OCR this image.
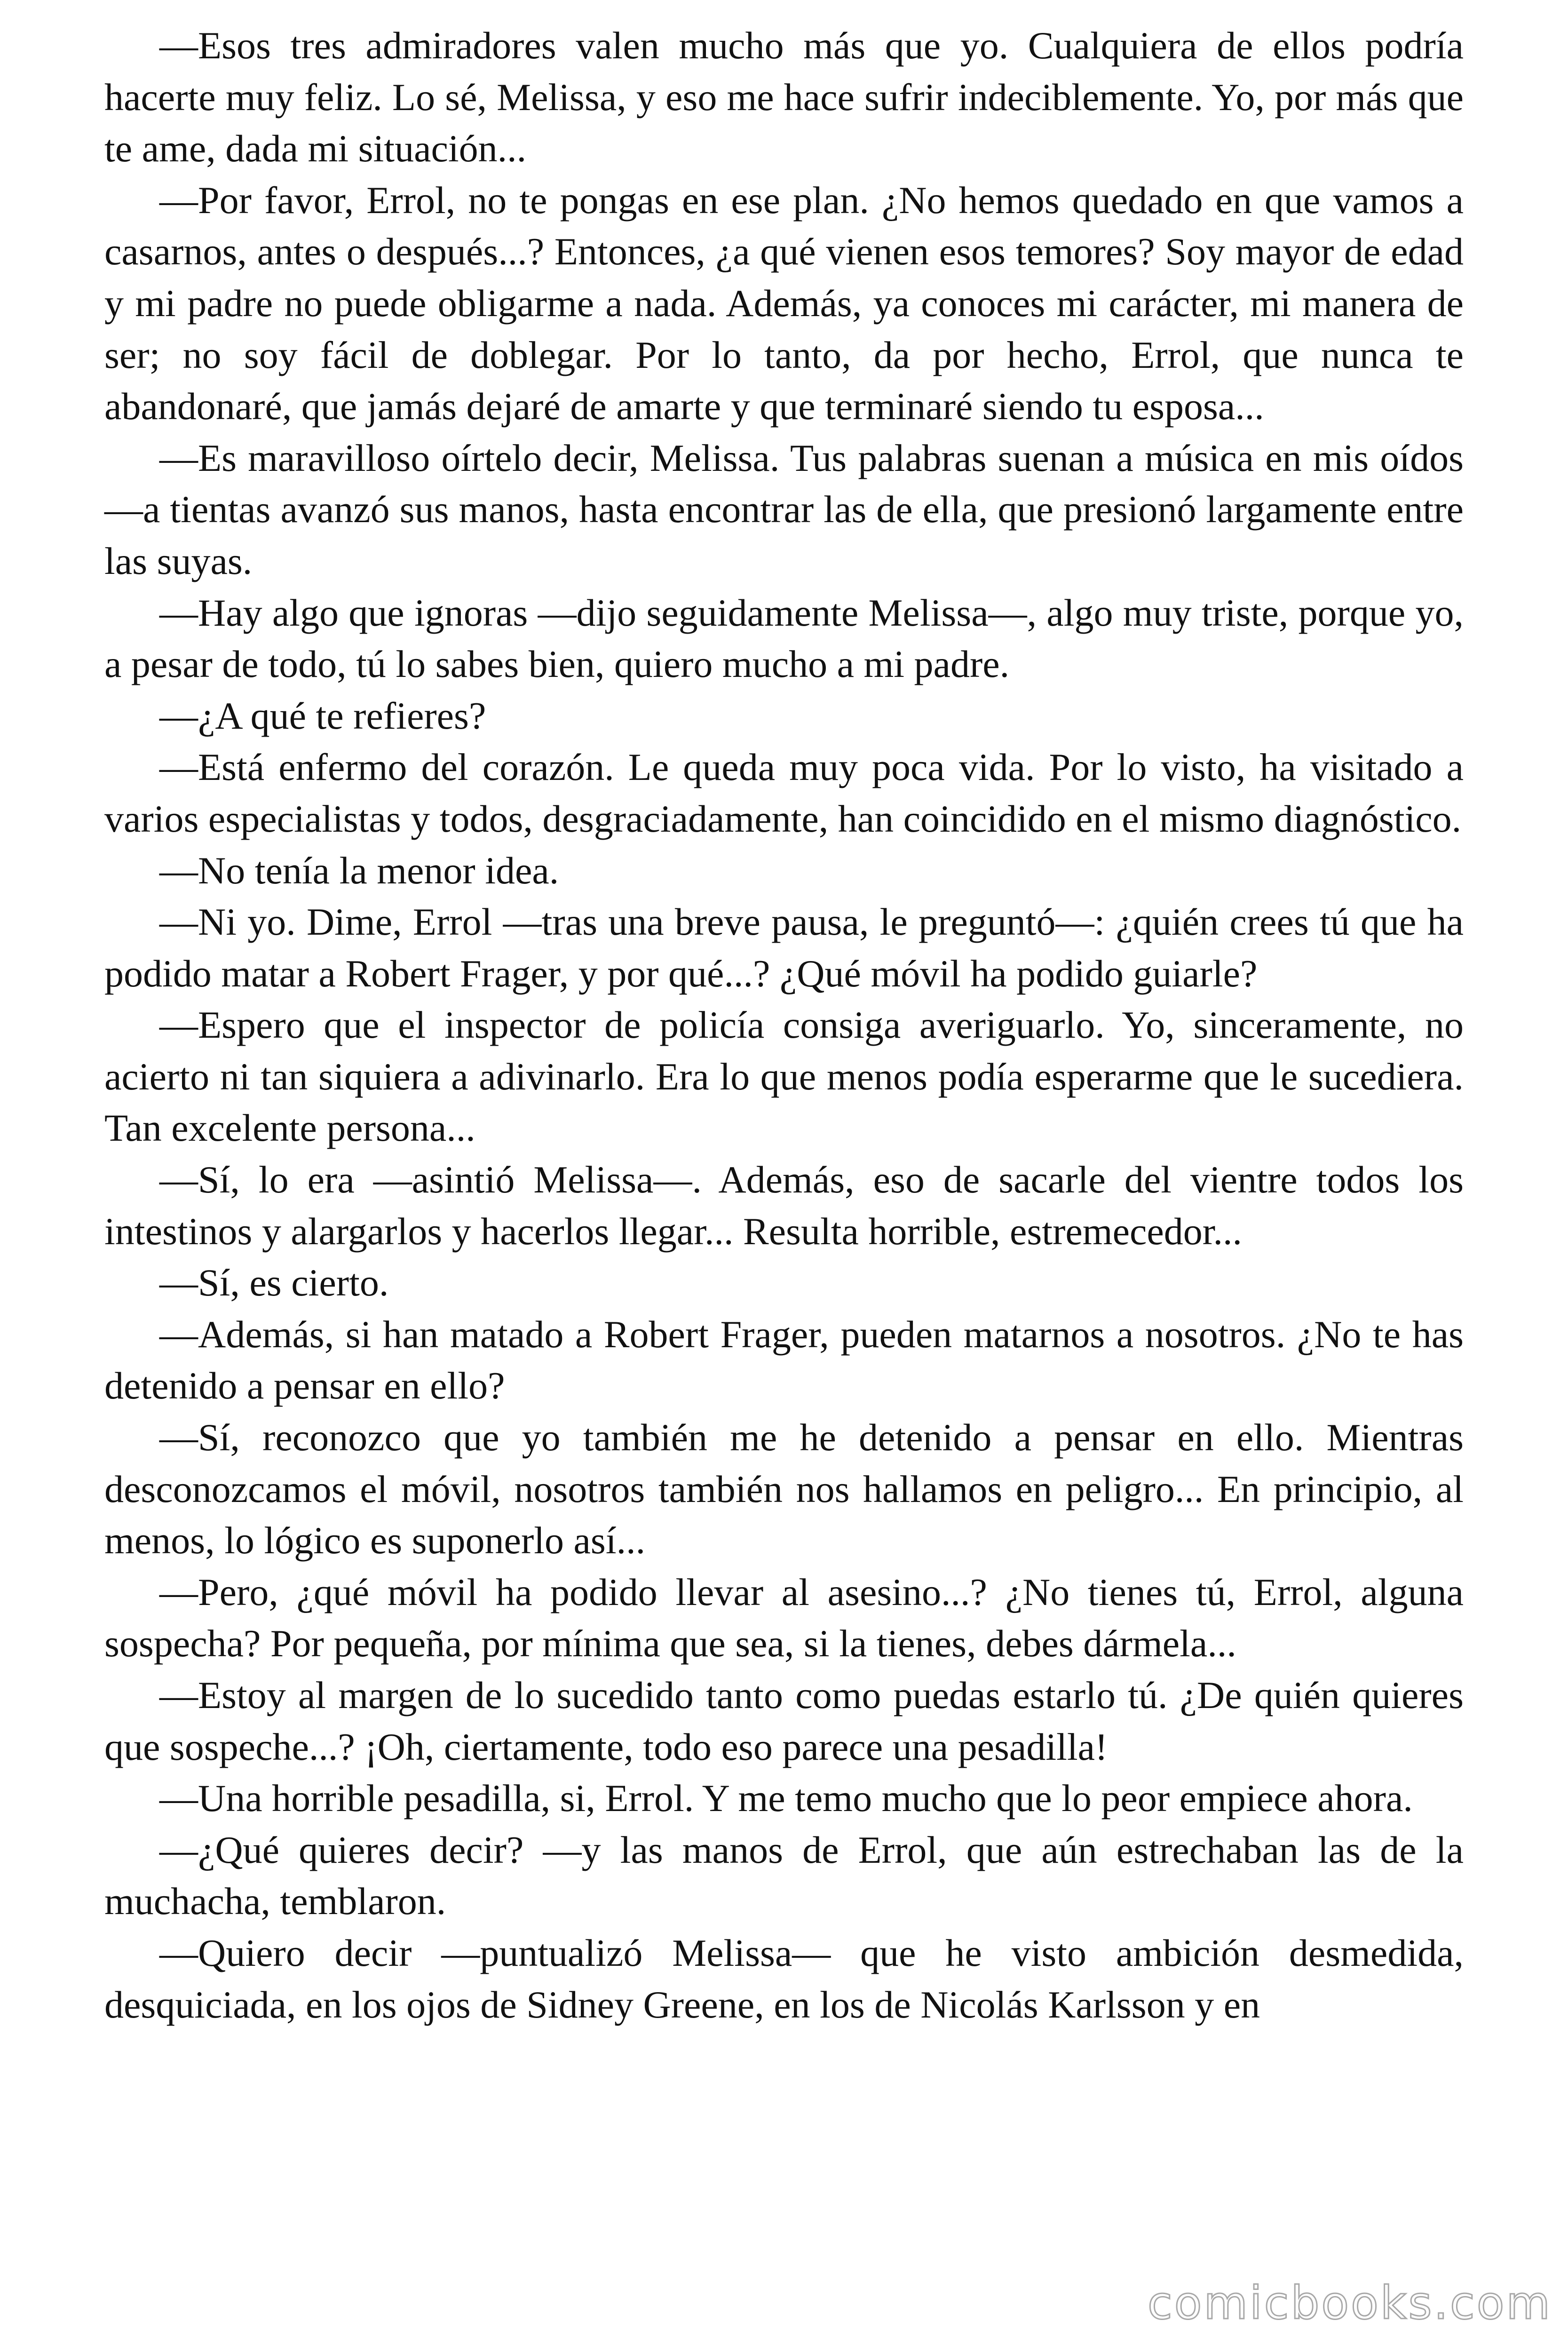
—Esos tres admiradores valen mucho más que yo. Cualquiera de ellos podría hacerte muy feliz. Lo sé, Melissa, y eso me hace sufrir indeciblemente. Yo, por más que te ame, dada mi situación...

—Por favor, Errol, no te pongas en ese plan. ¿No hemos quedado en que vamos a casarnos, antes o después...? Entonces, ¿a qué vienen esos temores? Soy mayor de edad y mi padre no puede obligarme a nada. Además, ya conoces mi carácter, mi manera de ser; no soy fácil de doblegar. Por lo tanto, da por hecho, Errol, que nunca te abandonaré, que jamás dejaré de amarte y que terminaré siendo tu esposa...

—Es maravilloso oírtelo decir, Melissa. Tus palabras suenan a música en mis oídos —a tientas avanzó sus manos, hasta encontrar las de ella, que presionó largamente entre las suyas.

—Hay algo que ignoras —dijo seguidamente Melissa—, algo muy triste, porque yo, a pesar de todo, tú lo sabes bien, quiero mucho a mi padre.

—¿A qué te refieres?

—Está enfermo del corazón. Le queda muy poca vida. Por lo visto, ha visitado a varios especialistas y todos, desgraciadamente, han coincidido en el mismo diagnóstico.

—No tenía la menor idea.

—Ni yo. Dime, Errol —tras una breve pausa, le preguntó—: ¿quién crees tú que ha podido matar a Robert Frager, y por qué...? ¿Qué móvil ha podido guiarle?

—Espero que el inspector de policía consiga averiguarlo. Yo, sinceramente, no acierto ni tan siquiera a adivinarlo. Era lo que menos podía esperarme que le sucediera. Tan excelente persona...

—Sí, lo era —asintió Melissa—. Además, eso de sacarle del vientre todos los intestinos y alargarlos y hacerlos llegar... Resulta horrible, estremecedor...

—Sí, es cierto.

—Además, si han matado a Robert Frager, pueden matarnos a nosotros. ¿No te has detenido a pensar en ello?

—Sí, reconozco que yo también me he detenido a pensar en ello. Mientras desconozcamos el móvil, nosotros también nos hallamos en peligro... En principio, al menos, lo lógico es suponerlo así...

—Pero, ¿qué móvil ha podido llevar al asesino...? ¿No tienes tú, Errol, alguna sospecha? Por pequeña, por mínima que sea, si la tienes, debes dármela...

—Estoy al margen de lo sucedido tanto como puedas estarlo tú. ¿De quién quieres que sospeche...? ¡Oh, ciertamente, todo eso parece una pesadilla!

—Una horrible pesadilla, si, Errol. Y me temo mucho que lo peor empiece ahora.

—¿Qué quieres decir? —y las manos de Errol, que aún estrechaban las de la muchacha, temblaron.

—Quiero decir —puntualizó Melissa— que he visto ambición desmedida, desquiciada, en los ojos de Sidney Greene, en los de Nicolás Karlsson y en

comicbooks.com
